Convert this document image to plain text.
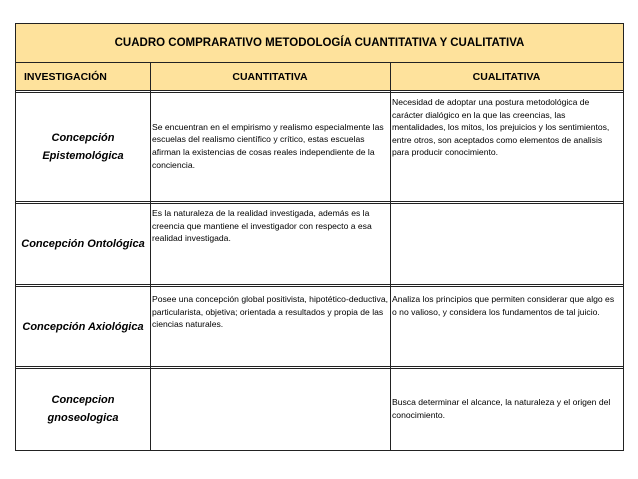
CUADRO COMPRARATIVO METODOLOGÍA CUANTITATIVA Y CUALITATIVA
INVESTIGACIÓN	CUANTITATIVA	CUALITATIVA
Concepción Epistemológica
Se encuentran en el empirismo y realismo especialmente las escuelas del realismo científico y crítico, estas escuelas afirman la existencias de cosas reales independiente de la conciencia.
Necesidad de adoptar una postura metodológica de carácter dialógico en la que las creencias, las mentalidades, los mitos, los prejuicios y los sentimientos, entre otros, son aceptados como elementos de analisis para producir conocimiento.
Concepción Ontológica
Es la naturaleza de la realidad investigada, además es la creencia que mantiene el investigador con respecto a esa realidad investigada.
Concepción Axiológica
Posee una concepción global positivista, hipotético-deductiva, particularista, objetiva; orientada a resultados y propia de las ciencias naturales.
Analiza los principios que permiten considerar que algo es o no valioso, y considera los fundamentos de tal juicio.
Concepcion gnoseologica
Busca determinar el alcance, la naturaleza y el origen del conocimiento.
